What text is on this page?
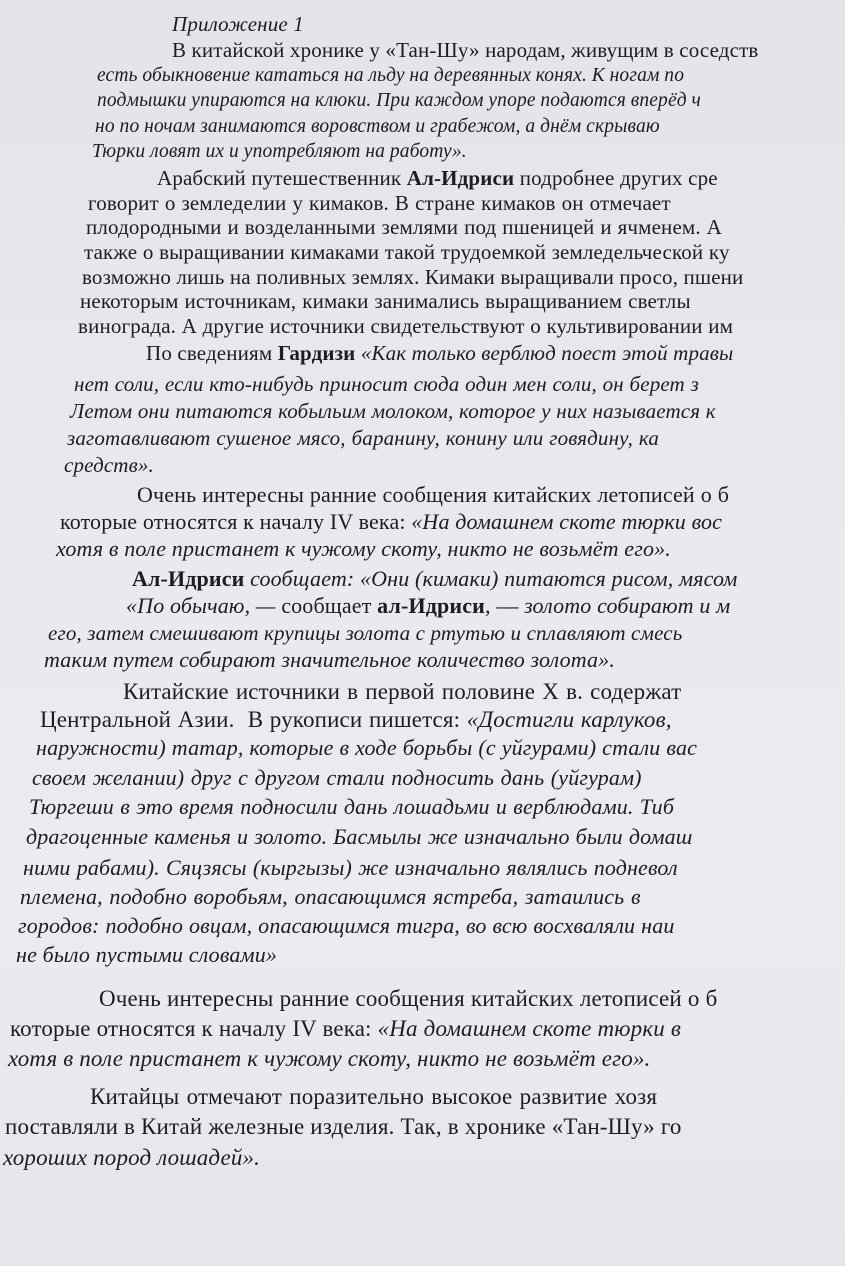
Приложение 1
В китайской хронике у «Тан-Шу» народам, живущим в соседств
есть обыкновение кататься на льду на деревянных конях. К ногам по
подмышки упираются на клюки. При каждом упоре подаются вперёд ч
но по ночам занимаются воровством и грабежом, а днём скрываю
Тюрки ловят их и употребляют на работу».
Арабский путешественник Ал-Идриси подробнее других сре
говорит о земледелии у кимаков. В стране кимаков он отмечает
плодородными и возделанными землями под пшеницей и ячменем. А
также о выращивании кимаками такой трудоемкой земледельческой ку
возможно лишь на поливных землях. Кимаки выращивали просо, пшени
некоторым источникам, кимаки занимались выращиванием светлы
винограда. А другие источники свидетельствуют о культивировании им
По сведениям Гардизи «Как только верблюд поест этой травы
нет соли, если кто-нибудь приносит сюда один мен соли, он берет з
Летом они питаются кобыльим молоком, которое у них называется к
заготавливают сушеное мясо, баранину, конину или говядину, ка
средств».
Очень интересны ранние сообщения китайских летописей о б
которые относятся к началу IV века: «На домашнем скоте тюрки вос
хотя в поле пристанет к чужому скоту, никто не возьмёт его».
Ал-Идриси сообщает: «Они (кимаки) питаются рисом, мясом
«По обычаю, — сообщает ал-Идриси, — золото собирают и м
его, затем смешивают крупицы золота с ртутью и сплавляют смесь
таким путем собирают значительное количество золота».
Китайские источники в первой половине X в. содержат
Центральной Азии.  В рукописи пишется: «Достигли карлуков,
наружности) татар, которые в ходе борьбы (с уйгурами) стали вас
своем желании) друг с другом стали подносить дань (уйгурам)
Тюргеши в это время подносили дань лошадьми и верблюдами. Тиб
драгоценные каменья и золото. Басмылы же изначально были домаш
ними рабами). Сяцзясы (кыргызы) же изначально являлись подневол
племена, подобно воробьям, опасающимся ястреба, затаились в
городов: подобно овцам, опасающимся тигра, во всю восхваляли наи
не было пустыми словами»
Очень интересны ранние сообщения китайских летописей о б
которые относятся к началу IV века: «На домашнем скоте тюрки в
хотя в поле пристанет к чужому скоту, никто не возьмёт его».
Китайцы отмечают поразительно высокое развитие хозя
поставляли в Китай железные изделия. Так, в хронике «Тан-Шу» го
хороших пород лошадей».
